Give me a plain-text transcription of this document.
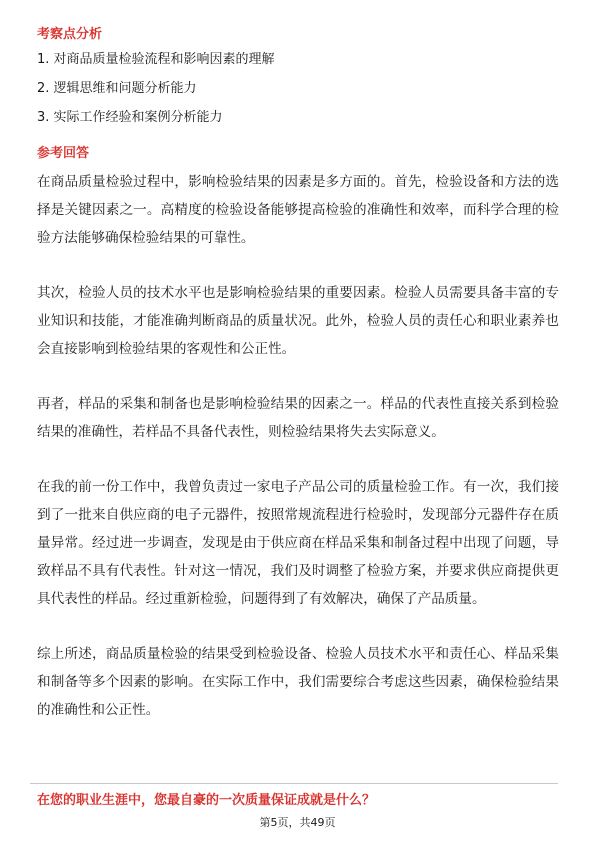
考察点分析
1. 对商品质量检验流程和影响因素的理解
2. 逻辑思维和问题分析能力
3. 实际工作经验和案例分析能力
参考回答

在商品质量检验过程中，影响检验结果的因素是多方面的。首先，检验设备和方法的选择是关键因素之一。高精度的检验设备能够提高检验的准确性和效率，而科学合理的检验方法能够确保检验结果的可靠性。

其次，检验人员的技术水平也是影响检验结果的重要因素。检验人员需要具备丰富的专业知识和技能，才能准确判断商品的质量状况。此外，检验人员的责任心和职业素养也会直接影响到检验结果的客观性和公正性。

再者，样品的采集和制备也是影响检验结果的因素之一。样品的代表性直接关系到检验结果的准确性，若样品不具备代表性，则检验结果将失去实际意义。

在我的前一份工作中，我曾负责过一家电子产品公司的质量检验工作。有一次，我们接到了一批来自供应商的电子元器件，按照常规流程进行检验时，发现部分元器件存在质量异常。经过进一步调查，发现是由于供应商在样品采集和制备过程中出现了问题，导致样品不具有代表性。针对这一情况，我们及时调整了检验方案，并要求供应商提供更具代表性的样品。经过重新检验，问题得到了有效解决，确保了产品质量。

综上所述，商品质量检验的结果受到检验设备、检验人员技术水平和责任心、样品采集和制备等多个因素的影响。在实际工作中，我们需要综合考虑这些因素，确保检验结果的准确性和公正性。

在您的职业生涯中，您最自豪的一次质量保证成就是什么？
第5页，共49页
